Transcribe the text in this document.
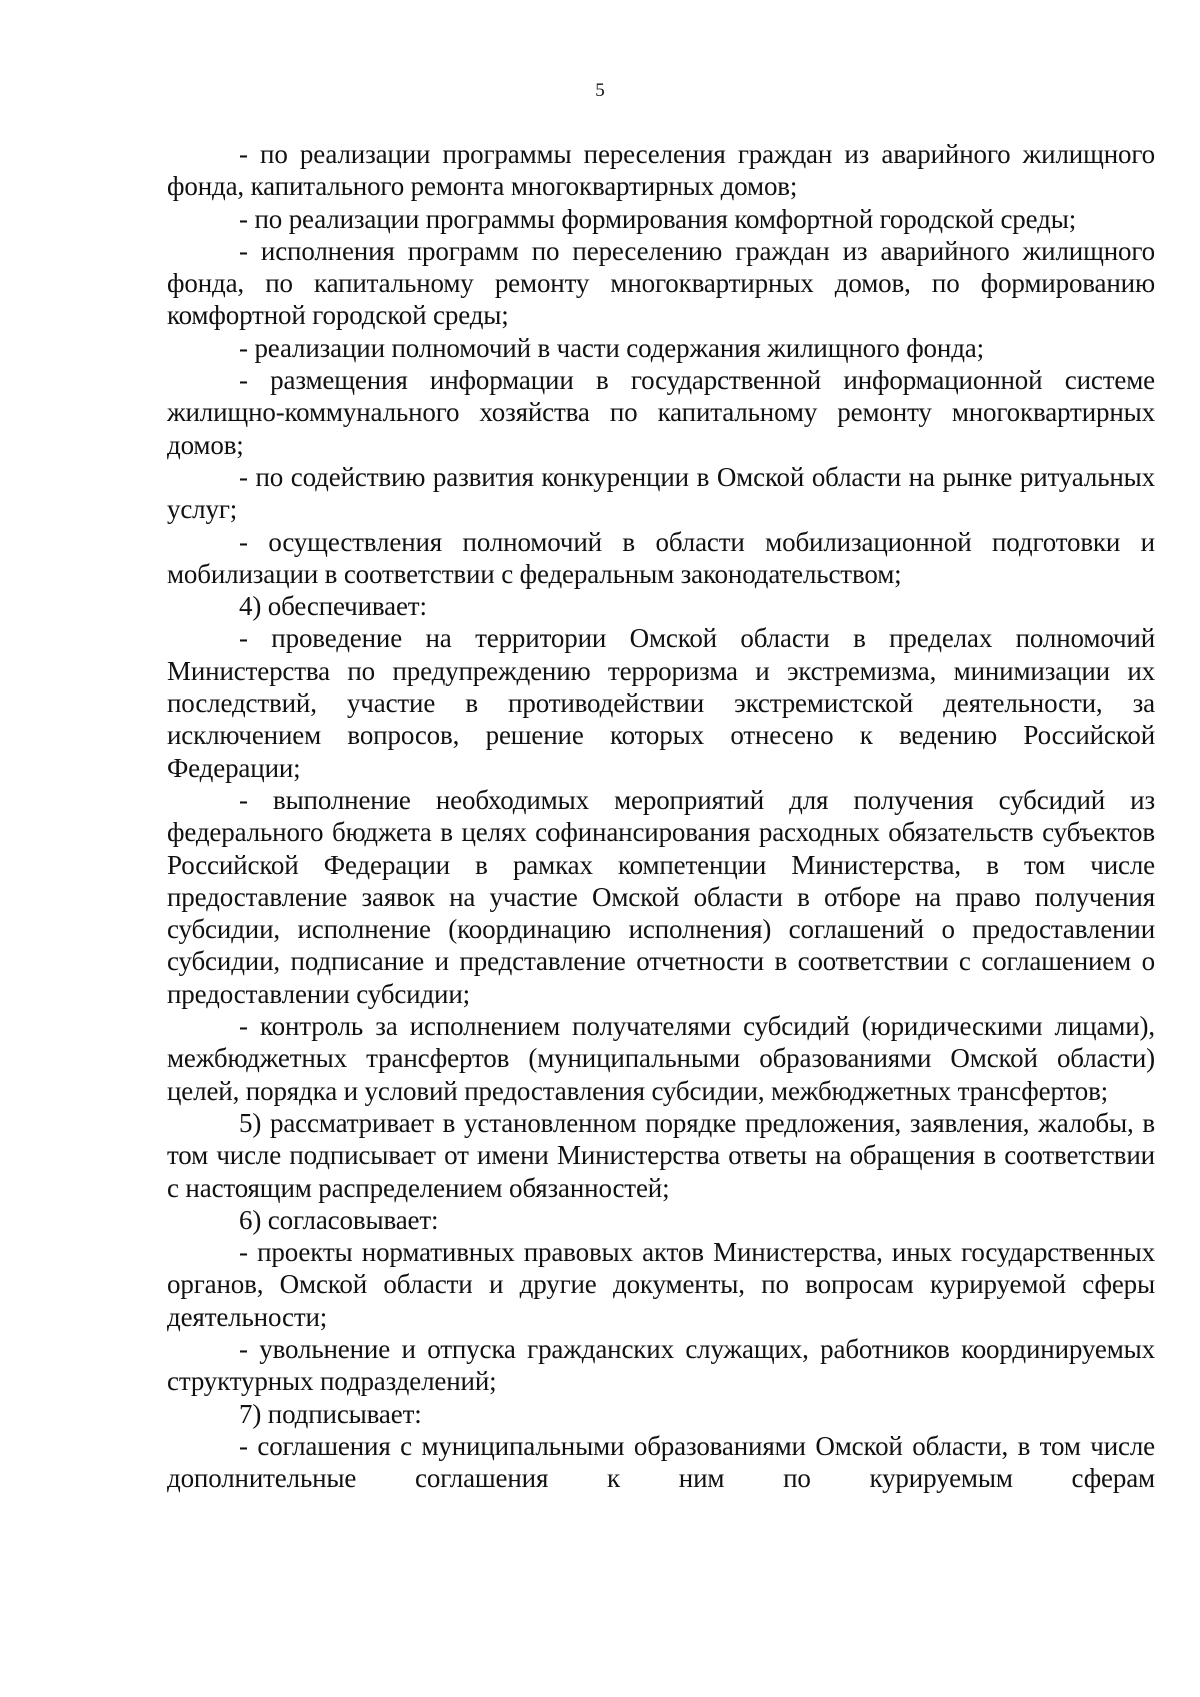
5

- по реализации программы переселения граждан из аварийного жилищного фонда, капитального ремонта многоквартирных домов;

- по реализации программы формирования комфортной городской среды;

- исполнения программ по переселению граждан из аварийного жилищного фонда, по капитальному ремонту многоквартирных домов, по формированию комфортной городской среды;

- реализации полномочий в части содержания жилищного фонда;

- размещения информации в государственной информационной системе жилищно-коммунального хозяйства по капитальному ремонту многоквартирных домов;

- по содействию развития конкуренции в Омской области на рынке ритуальных услуг;

- осуществления полномочий в области мобилизационной подготовки и мобилизации в соответствии с федеральным законодательством;

4) обеспечивает:

- проведение на территории Омской области в пределах полномочий Министерства по предупреждению терроризма и экстремизма, минимизации их последствий, участие в противодействии экстремистской деятельности, за исключением вопросов, решение которых отнесено к ведению Российской Федерации;

- выполнение необходимых мероприятий для получения субсидий из федерального бюджета в целях софинансирования расходных обязательств субъектов Российской Федерации в рамках компетенции Министерства, в том числе предоставление заявок на участие Омской области в отборе на право получения субсидии, исполнение (координацию исполнения) соглашений о предоставлении субсидии, подписание и представление отчетности в соответствии с соглашением о предоставлении субсидии;

- контроль за исполнением получателями субсидий (юридическими лицами), межбюджетных трансфертов (муниципальными образованиями Омской области) целей, порядка и условий предоставления субсидии, межбюджетных трансфертов;

5) рассматривает в установленном порядке предложения, заявления, жалобы, в том числе подписывает от имени Министерства ответы на обращения в соответствии с настоящим распределением обязанностей;

6) согласовывает:

- проекты нормативных правовых актов Министерства, иных государственных органов, Омской области и другие документы, по вопросам курируемой сферы деятельности;

- увольнение и отпуска гражданских служащих, работников координируемых структурных подразделений;

7) подписывает:

- соглашения с муниципальными образованиями Омской области, в том числе дополнительные соглашения к ним по курируемым сферам
